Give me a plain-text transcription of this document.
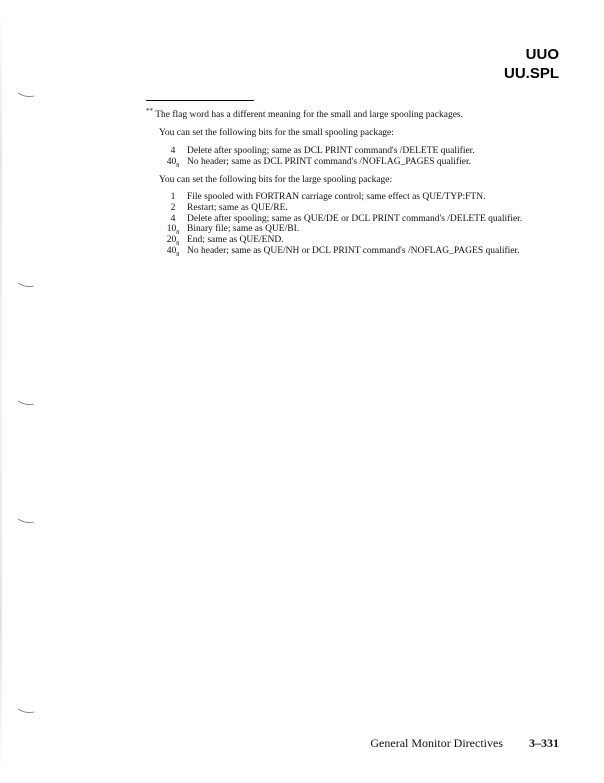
UUO
UU.SPL
** The flag word has a different meaning for the small and large spooling packages.
You can set the following bits for the small spooling package:
4	Delete after spooling; same as DCL PRINT command's /DELETE qualifier.
$40_8$ No header; same as DCL PRINT command's /NOFLAG_PAGES qualifier.
You can set the following bits for the large spooling package:
1	File spooled with FORTRAN carriage control; same effect as QUE/TYP:FTN.
2	Restart; same as QUE/RE.
4	Delete after spooling; same as QUE/DE or DCL PRINT command's /DELETE qualifier.
$10_8$ Binary file; same as QUE/BI.
$20_8$ End; same as QUE/END.
$40_8$ No header; same as QUE/NH or DCL PRINT command's /NOFLAG_PAGES qualifier.
General Monitor Directives 3–331
